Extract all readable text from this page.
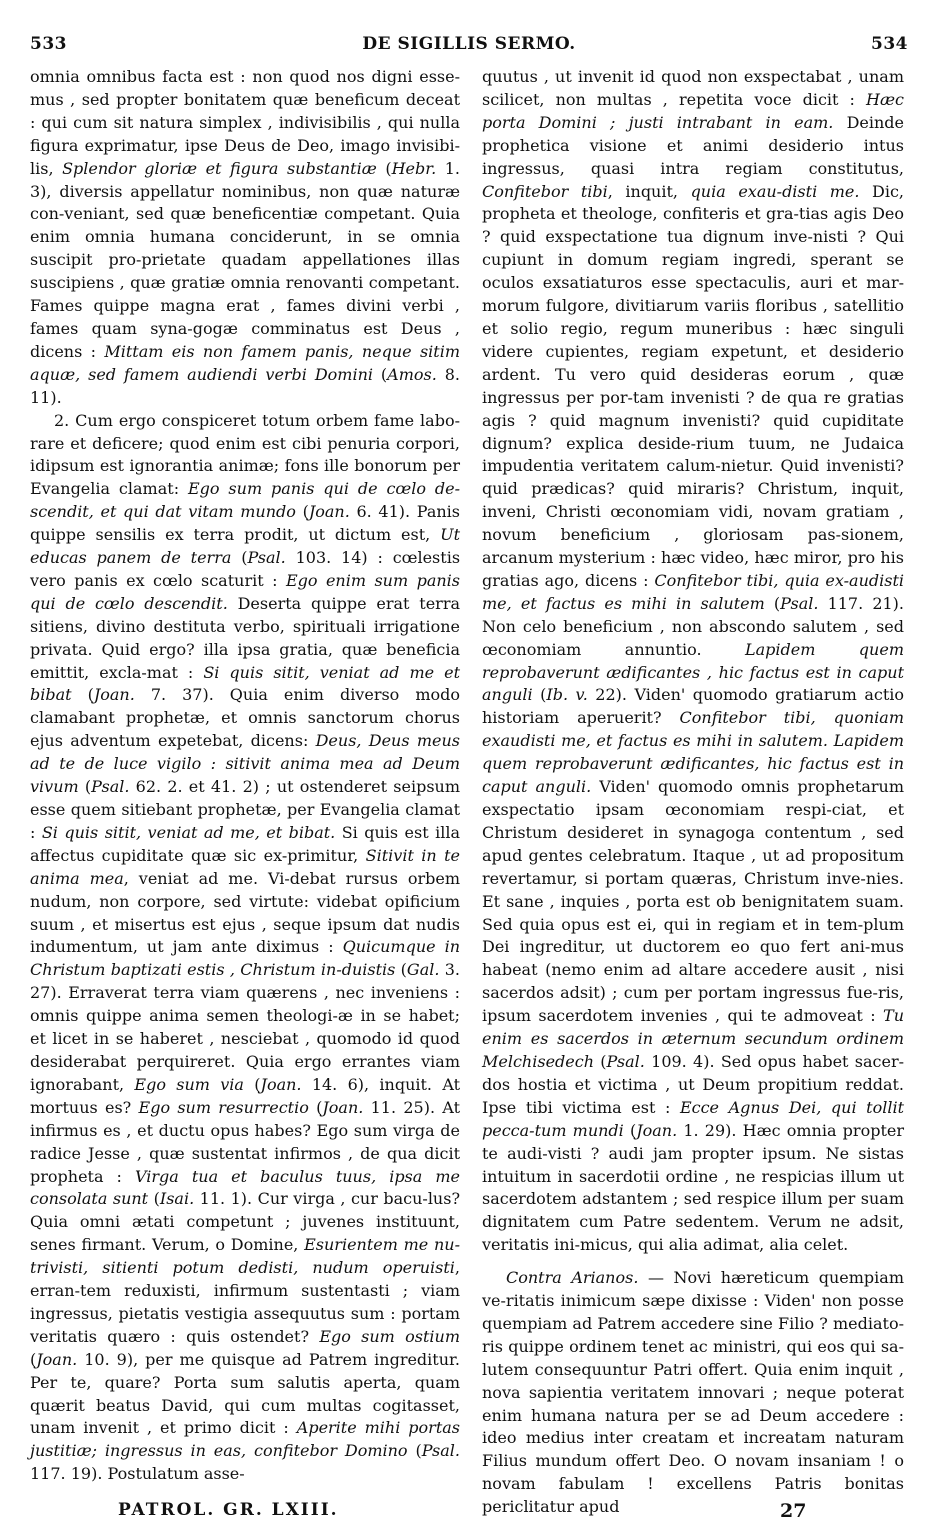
533	DE SIGILLIS SERMO.	534

omnia omnibus facta est : non quod nos digni esse-mus , sed propter bonitatem quæ beneficum deceat : qui cum sit natura simplex , indivisibilis , qui nulla figura exprimatur, ipse Deus de Deo, imago invisibi-lis, Splendor gloriæ et figura substantiæ (Hebr. 1. 3), diversis appellatur nominibus, non quæ naturæ con-veniant, sed quæ beneficentiæ competant. Quia enim omnia humana conciderunt, in se omnia suscipit pro-prietate quadam appellationes illas suscipiens , quæ gratiæ omnia renovanti competant. Fames quippe magna erat , fames divini verbi , fames quam syna-gogæ comminatus est Deus , dicens : Mittam eis non famem panis, neque sitim aquæ, sed famem audiendi verbi Domini (Amos. 8. 11).

2. Cum ergo conspiceret totum orbem fame labo-rare et deficere; quod enim est cibi penuria corpori, idipsum est ignorantia animæ; fons ille bonorum per Evangelia clamat: Ego sum panis qui de cœlo de-scendit, et qui dat vitam mundo (Joan. 6. 41). Panis quippe sensilis ex terra prodit, ut dictum est, Ut educas panem de terra (Psal. 103. 14) : cœlestis vero panis ex cœlo scaturit : Ego enim sum panis qui de cœlo descendit. Deserta quippe erat terra sitiens, divino destituta verbo, spirituali irrigatione privata. Quid ergo? illa ipsa gratia, quæ beneficia emittit, excla-mat : Si quis sitit, veniat ad me et bibat (Joan. 7. 37). Quia enim diverso modo clamabant prophetæ, et omnis sanctorum chorus ejus adventum expetebat, dicens: Deus, Deus meus ad te de luce vigilo : sitivit anima mea ad Deum vivum (Psal. 62. 2. et 41. 2) ; ut ostenderet seipsum esse quem sitiebant prophetæ, per Evangelia clamat : Si quis sitit, veniat ad me, et bibat. Si quis est illa affectus cupiditate quæ sic ex-primitur, Sitivit in te anima mea, veniat ad me. Vi-debat rursus orbem nudum, non corpore, sed virtute: videbat opificium suum , et misertus est ejus , seque ipsum dat nudis indumentum, ut jam ante diximus : Quicumque in Christum baptizati estis , Christum in-duistis (Gal. 3. 27). Erraverat terra viam quærens , nec inveniens : omnis quippe anima semen theologi-æ in se habet; et licet in se haberet , nesciebat , quomodo id quod desiderabat perquireret. Quia ergo errantes viam ignorabant, Ego sum via (Joan. 14. 6), inquit. At mortuus es? Ego sum resurrectio (Joan. 11. 25). At infirmus es , et ductu opus habes? Ego sum virga de radice Jesse , quæ sustentat infirmos , de qua dicit propheta : Virga tua et baculus tuus, ipsa me consolata sunt (Isai. 11. 1). Cur virga , cur bacu-lus? Quia omni ætati competunt ; juvenes instituunt, senes firmant. Verum, o Domine, Esurientem me nu-trivisti, sitienti potum dedisti, nudum operuisti, erran-tem reduxisti, infirmum sustentasti ; viam ingressus, pietatis vestigia assequutus sum : portam veritatis quæro : quis ostendet? Ego sum ostium (Joan. 10. 9), per me quisque ad Patrem ingreditur. Per te, quare? Porta sum salutis aperta, quam quærit beatus David, qui cum multas cogitasset, unam invenit , et primo dicit : Aperite mihi portas justitiæ; ingressus in eas, confitebor Domino (Psal. 117. 19). Postulatum asse-

quutus , ut invenit id quod non exspectabat , unam scilicet, non multas , repetita voce dicit : Hæc porta Domini ; justi intrabant in eam. Deinde prophetica visione et animi desiderio intus ingressus, quasi intra regiam constitutus, Confitebor tibi, inquit, quia exau-disti me. Dic, propheta et theologe, confiteris et gra-tias agis Deo ? quid exspectatione tua dignum inve-nisti ? Qui cupiunt in domum regiam ingredi, sperant se oculos exsatiaturos esse spectaculis, auri et mar-morum fulgore, divitiarum variis floribus , satellitio et solio regio, regum muneribus : hæc singuli videre cupientes, regiam expetunt, et desiderio ardent. Tu vero quid desideras eorum , quæ ingressus per por-tam invenisti ? de qua re gratias agis ? quid magnum invenisti? quid cupiditate dignum? explica deside-rium tuum, ne Judaica impudentia veritatem calum-nietur. Quid invenisti? quid prædicas? quid miraris? Christum, inquit, inveni, Christi œconomiam vidi, novam gratiam , novum beneficium , gloriosam pas-sionem, arcanum mysterium : hæc video, hæc miror, pro his gratias ago, dicens : Confitebor tibi, quia ex-audisti me, et factus es mihi in salutem (Psal. 117. 21). Non celo beneficium , non abscondo salutem , sed œconomiam annuntio. Lapidem quem reprobaverunt ædificantes , hic factus est in caput anguli (Ib. v. 22). Viden' quomodo gratiarum actio historiam aperuerit? Confitebor tibi, quoniam exaudisti me, et factus es mihi in salutem. Lapidem quem reprobaverunt ædificantes, hic factus est in caput anguli. Viden' quomodo omnis prophetarum exspectatio ipsam œconomiam respi-ciat, et Christum desideret in synagoga contentum , sed apud gentes celebratum. Itaque , ut ad propositum revertamur, si portam quæras, Christum inve-nies. Et sane , inquies , porta est ob benignitatem suam. Sed quia opus est ei, qui in regiam et in tem-plum Dei ingreditur, ut ductorem eo quo fert ani-mus habeat (nemo enim ad altare accedere ausit , nisi sacerdos adsit) ; cum per portam ingressus fue-ris, ipsum sacerdotem invenies , qui te admoveat : Tu enim es sacerdos in æternum secundum ordinem Melchisedech (Psal. 109. 4). Sed opus habet sacer-dos hostia et victima , ut Deum propitium reddat. Ipse tibi victima est : Ecce Agnus Dei, qui tollit pecca-tum mundi (Joan. 1. 29). Hæc omnia propter te audi-visti ? audi jam propter ipsum. Ne sistas intuitum in sacerdotii ordine , ne respicias illum ut sacerdotem adstantem ; sed respice illum per suam dignitatem cum Patre sedentem. Verum ne adsit, veritatis ini-micus, qui alia adimat, alia celet.

Contra Arianos. — Novi hæreticum quempiam ve-ritatis inimicum sæpe dixisse : Viden' non posse quempiam ad Patrem accedere sine Filio ? mediato-ris quippe ordinem tenet ac ministri, qui eos qui sa-lutem consequuntur Patri offert. Quia enim inquit , nova sapientia veritatem innovari ; neque poterat enim humana natura per se ad Deum accedere : ideo medius inter creatam et increatam naturam Filius mundum offert Deo. O novam insaniam ! o novam fabulam ! excellens Patris bonitas periclitatur apud

PATROL. GR. LXIII.	27
